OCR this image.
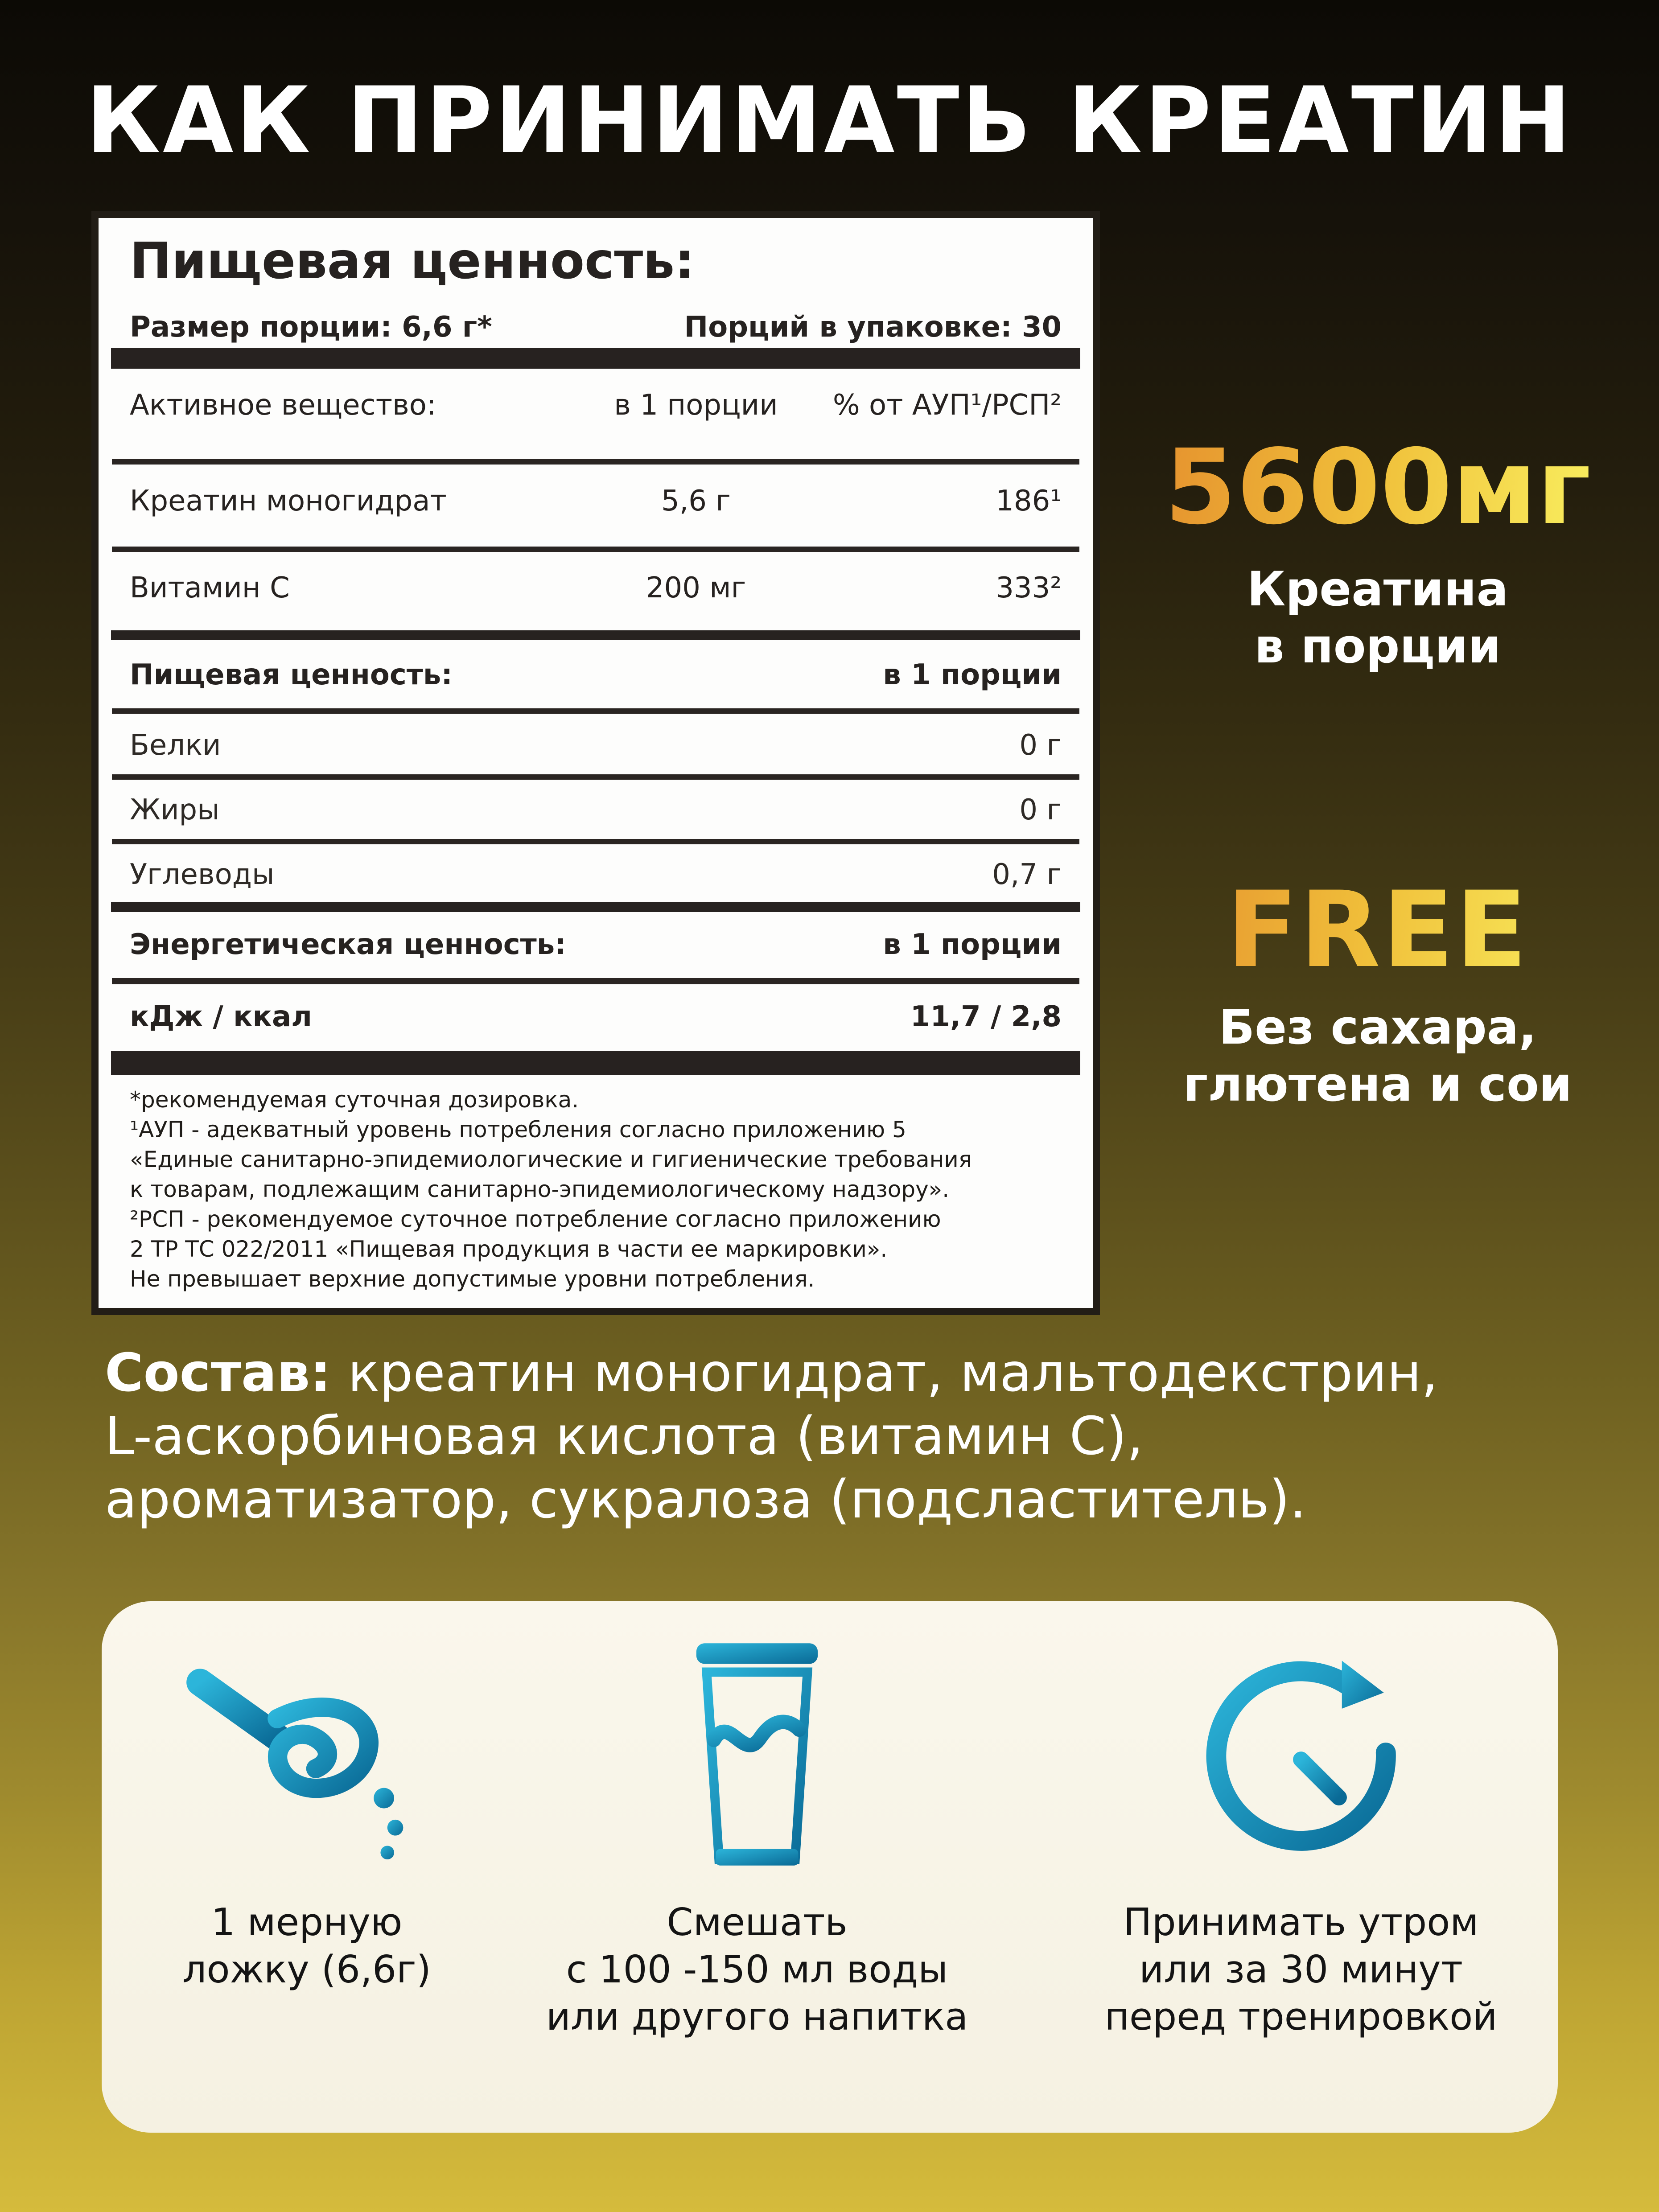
КАК ПРИНИМАТЬ КРЕАТИН
Пищевая ценность:
Размер порции: 6,6 г*	Порций в упаковке: 30
Активное вещество:	в 1 порции	% от АУП¹/РСП²
Креатин моногидрат	5,6 г	186¹
Витамин С	200 мг	333²
Пищевая ценность:	в 1 порции
Белки	0 г
Жиры	0 г
Углеводы	0,7 г
Энергетическая ценность:	в 1 порции
кДж / ккал	11,7 / 2,8
*рекомендуемая суточная дозировка.
¹АУП - адекватный уровень потребления согласно приложению 5
«Единые санитарно-эпидемиологические и гигиенические требования
к товарам, подлежащим санитарно-эпидемиологическому надзору».
²РСП - рекомендуемое суточное потребление согласно приложению
2 ТР ТС 022/2011 «Пищевая продукция в части ее маркировки».
Не превышает верхние допустимые уровни потребления.
5600мг
Креатина
в порции
FREE
Без сахара,
глютена и сои

Состав: креатин моногидрат, мальтодекстрин,
L-аскорбиновая кислота (витамин С),
ароматизатор, сукралоза (подсластитель).

1 мерную
ложку (6,6г)
Смешать
с 100 -150 мл воды
или другого напитка
Принимать утром
или за 30 минут
перед тренировкой
